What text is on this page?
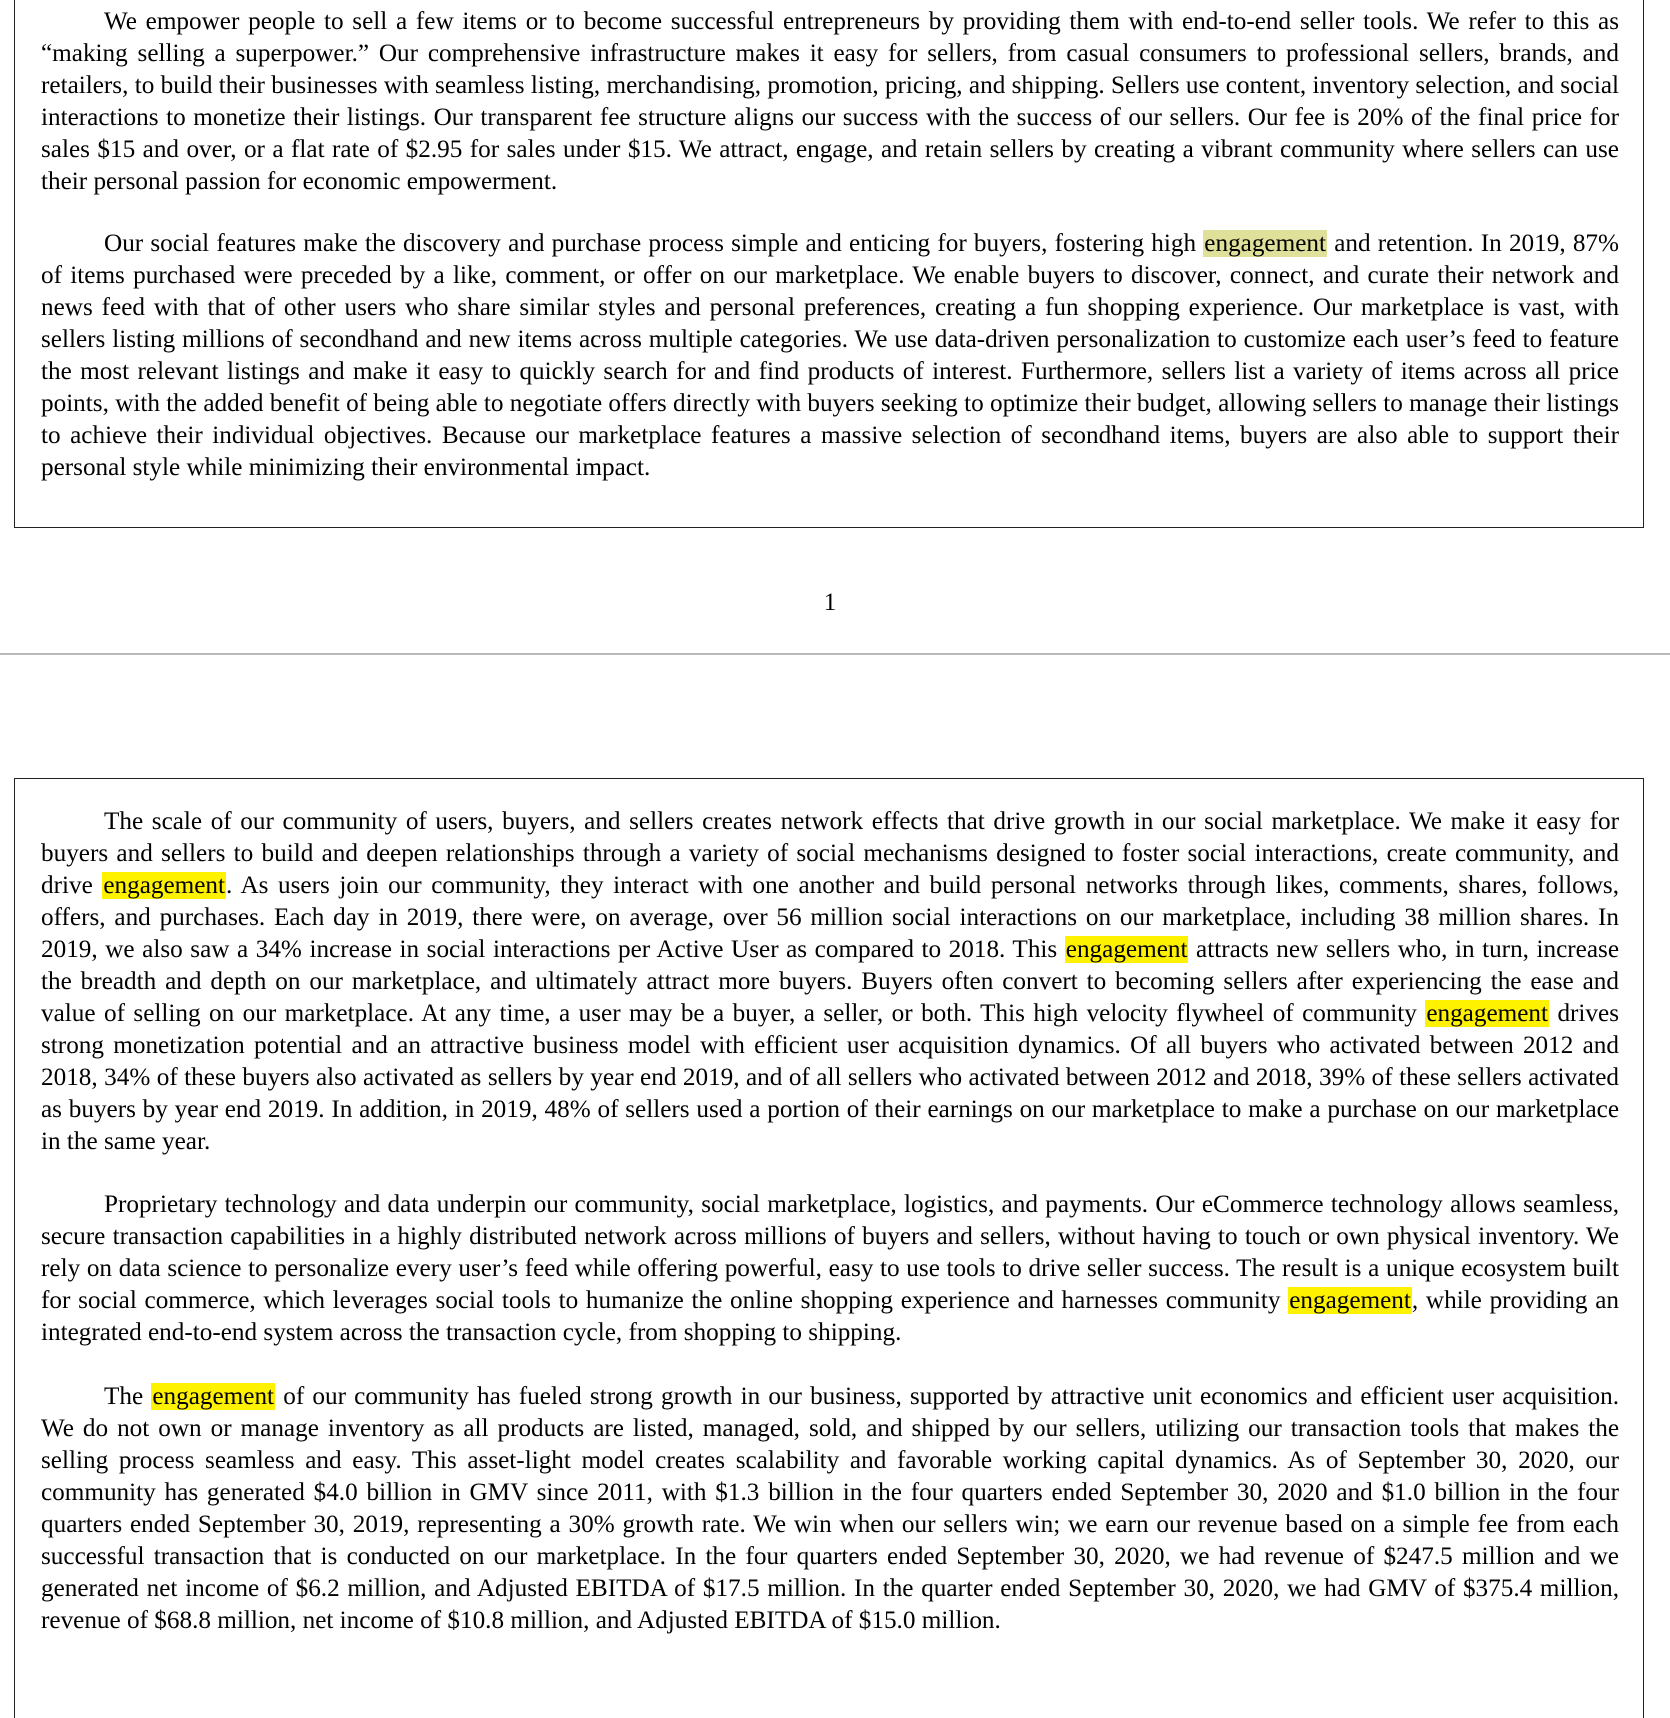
We empower people to sell a few items or to become successful entrepreneurs by providing them with end-to-end seller tools. We refer to this as “making selling a superpower.” Our comprehensive infrastructure makes it easy for sellers, from casual consumers to professional sellers, brands, and retailers, to build their businesses with seamless listing, merchandising, promotion, pricing, and shipping. Sellers use content, inventory selection, and social interactions to monetize their listings. Our transparent fee structure aligns our success with the success of our sellers. Our fee is 20% of the final price for sales $15 and over, or a flat rate of $2.95 for sales under $15. We attract, engage, and retain sellers by creating a vibrant community where sellers can use their personal passion for economic empowerment.

Our social features make the discovery and purchase process simple and enticing for buyers, fostering high engagement and retention. In 2019, 87% of items purchased were preceded by a like, comment, or offer on our marketplace. We enable buyers to discover, connect, and curate their network and news feed with that of other users who share similar styles and personal preferences, creating a fun shopping experience. Our marketplace is vast, with sellers listing millions of secondhand and new items across multiple categories. We use data-driven personalization to customize each user’s feed to feature the most relevant listings and make it easy to quickly search for and find products of interest. Furthermore, sellers list a variety of items across all price points, with the added benefit of being able to negotiate offers directly with buyers seeking to optimize their budget, allowing sellers to manage their listings to achieve their individual objectives. Because our marketplace features a massive selection of secondhand items, buyers are also able to support their personal style while minimizing their environmental impact.

1

The scale of our community of users, buyers, and sellers creates network effects that drive growth in our social marketplace. We make it easy for buyers and sellers to build and deepen relationships through a variety of social mechanisms designed to foster social interactions, create community, and drive engagement. As users join our community, they interact with one another and build personal networks through likes, comments, shares, follows, offers, and purchases. Each day in 2019, there were, on average, over 56 million social interactions on our marketplace, including 38 million shares. In 2019, we also saw a 34% increase in social interactions per Active User as compared to 2018. This engagement attracts new sellers who, in turn, increase the breadth and depth on our marketplace, and ultimately attract more buyers. Buyers often convert to becoming sellers after experiencing the ease and value of selling on our marketplace. At any time, a user may be a buyer, a seller, or both. This high velocity flywheel of community engagement drives strong monetization potential and an attractive business model with efficient user acquisition dynamics. Of all buyers who activated between 2012 and 2018, 34% of these buyers also activated as sellers by year end 2019, and of all sellers who activated between 2012 and 2018, 39% of these sellers activated as buyers by year end 2019. In addition, in 2019, 48% of sellers used a portion of their earnings on our marketplace to make a purchase on our marketplace in the same year.

Proprietary technology and data underpin our community, social marketplace, logistics, and payments. Our eCommerce technology allows seamless, secure transaction capabilities in a highly distributed network across millions of buyers and sellers, without having to touch or own physical inventory. We rely on data science to personalize every user’s feed while offering powerful, easy to use tools to drive seller success. The result is a unique ecosystem built for social commerce, which leverages social tools to humanize the online shopping experience and harnesses community engagement, while providing an integrated end-to-end system across the transaction cycle, from shopping to shipping.

The engagement of our community has fueled strong growth in our business, supported by attractive unit economics and efficient user acquisition. We do not own or manage inventory as all products are listed, managed, sold, and shipped by our sellers, utilizing our transaction tools that makes the selling process seamless and easy. This asset-light model creates scalability and favorable working capital dynamics. As of September 30, 2020, our community has generated $4.0 billion in GMV since 2011, with $1.3 billion in the four quarters ended September 30, 2020 and $1.0 billion in the four quarters ended September 30, 2019, representing a 30% growth rate. We win when our sellers win; we earn our revenue based on a simple fee from each successful transaction that is conducted on our marketplace. In the four quarters ended September 30, 2020, we had revenue of $247.5 million and we generated net income of $6.2 million, and Adjusted EBITDA of $17.5 million. In the quarter ended September 30, 2020, we had GMV of $375.4 million, revenue of $68.8 million, net income of $10.8 million, and Adjusted EBITDA of $15.0 million.
